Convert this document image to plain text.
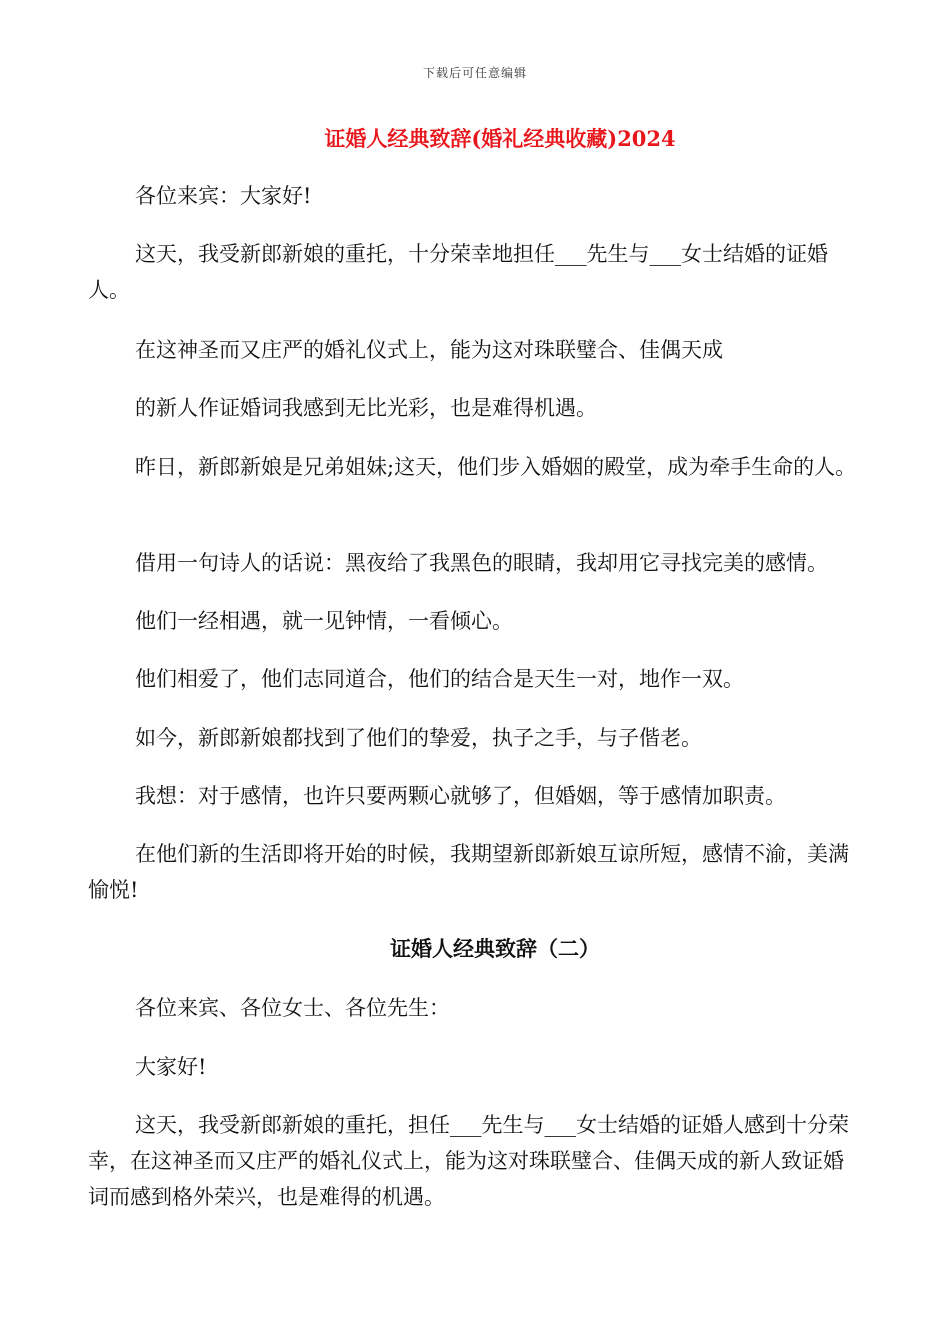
下载后可任意编辑
证婚人经典致辞(婚礼经典收藏)2024

各位来宾：大家好!

这天，我受新郎新娘的重托，十分荣幸地担任___先生与___女士结婚的证婚人。

在这神圣而又庄严的婚礼仪式上，能为这对珠联璧合、佳偶天成

的新人作证婚词我感到无比光彩，也是难得机遇。

昨日，新郎新娘是兄弟姐妹;这天，他们步入婚姻的殿堂，成为牵手生命的人。

借用一句诗人的话说：黑夜给了我黑色的眼睛，我却用它寻找完美的感情。

他们一经相遇，就一见钟情，一看倾心。

他们相爱了，他们志同道合，他们的结合是天生一对，地作一双。

如今，新郎新娘都找到了他们的挚爱，执子之手，与子偕老。

我想：对于感情，也许只要两颗心就够了，但婚姻，等于感情加职责。

在他们新的生活即将开始的时候，我期望新郎新娘互谅所短，感情不渝，美满愉悦!

证婚人经典致辞（二）

各位来宾、各位女士、各位先生：

大家好!

这天，我受新郎新娘的重托，担任___先生与___女士结婚的证婚人感到十分荣幸，在这神圣而又庄严的婚礼仪式上，能为这对珠联璧合、佳偶天成的新人致证婚词而感到格外荣兴，也是难得的机遇。
